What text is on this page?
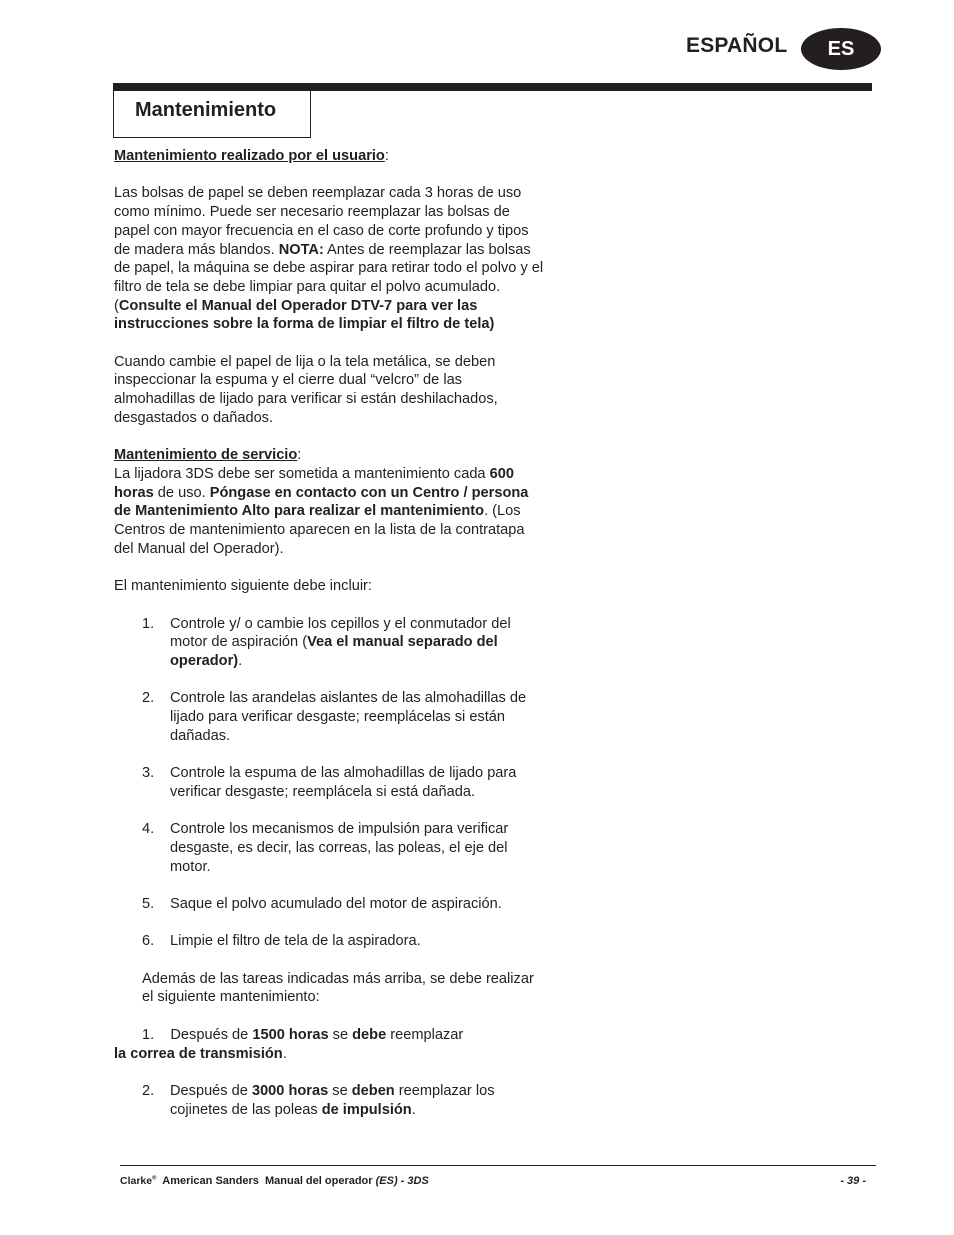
ESPAÑOL	ES
Mantenimiento

Mantenimiento realizado por el usuario:

Las bolsas de papel se deben reemplazar cada 3 horas de uso como mínimo. Puede ser necesario reemplazar las bolsas de papel con mayor frecuencia en el caso de corte profundo y tipos de madera más blandos. NOTA: Antes de reemplazar las bolsas de papel, la máquina se debe aspirar para retirar todo el polvo y el filtro de tela se debe limpiar para quitar el polvo acumulado. (Consulte el Manual del Operador DTV-7 para ver las instrucciones sobre la forma de limpiar el filtro de tela)

Cuando cambie el papel de lija o la tela metálica, se deben inspeccionar la espuma y el cierre dual “velcro” de las almohadillas de lijado para verificar si están deshilachados, desgastados o dañados.

Mantenimiento de servicio:

La lijadora 3DS debe ser sometida a mantenimiento cada 600 horas de uso. Póngase en contacto con un Centro / persona de Mantenimiento Alto para realizar el mantenimiento. (Los Centros de mantenimiento aparecen en la lista de la contratapa del Manual del Operador).

El mantenimiento siguiente debe incluir:

1.	Controle y/ o cambie los cepillos y el conmutador del motor de aspiración (Vea el manual separado del operador).
2.	Controle las arandelas aislantes de las almohadillas de lijado para verificar desgaste; reemplácelas si están dañadas.
3.	Controle la espuma de las almohadillas de lijado para verificar desgaste; reemplácela si está dañada.
4.	Controle los mecanismos de impulsión para verificar desgaste, es decir, las correas, las poleas, el eje del motor.
5.	Saque el polvo acumulado del motor de aspiración.
6.	Limpie el filtro de tela de la aspiradora.

Además de las tareas indicadas más arriba, se debe realizar el siguiente mantenimiento:

1. Después de 1500 horas se debe reemplazar
la correa de transmisión.

2.	Después de 3000 horas se deben reemplazar los cojinetes de las poleas de impulsión.
Clarke® American Sanders Manual del operador (ES) - 3DS	- 39 -
